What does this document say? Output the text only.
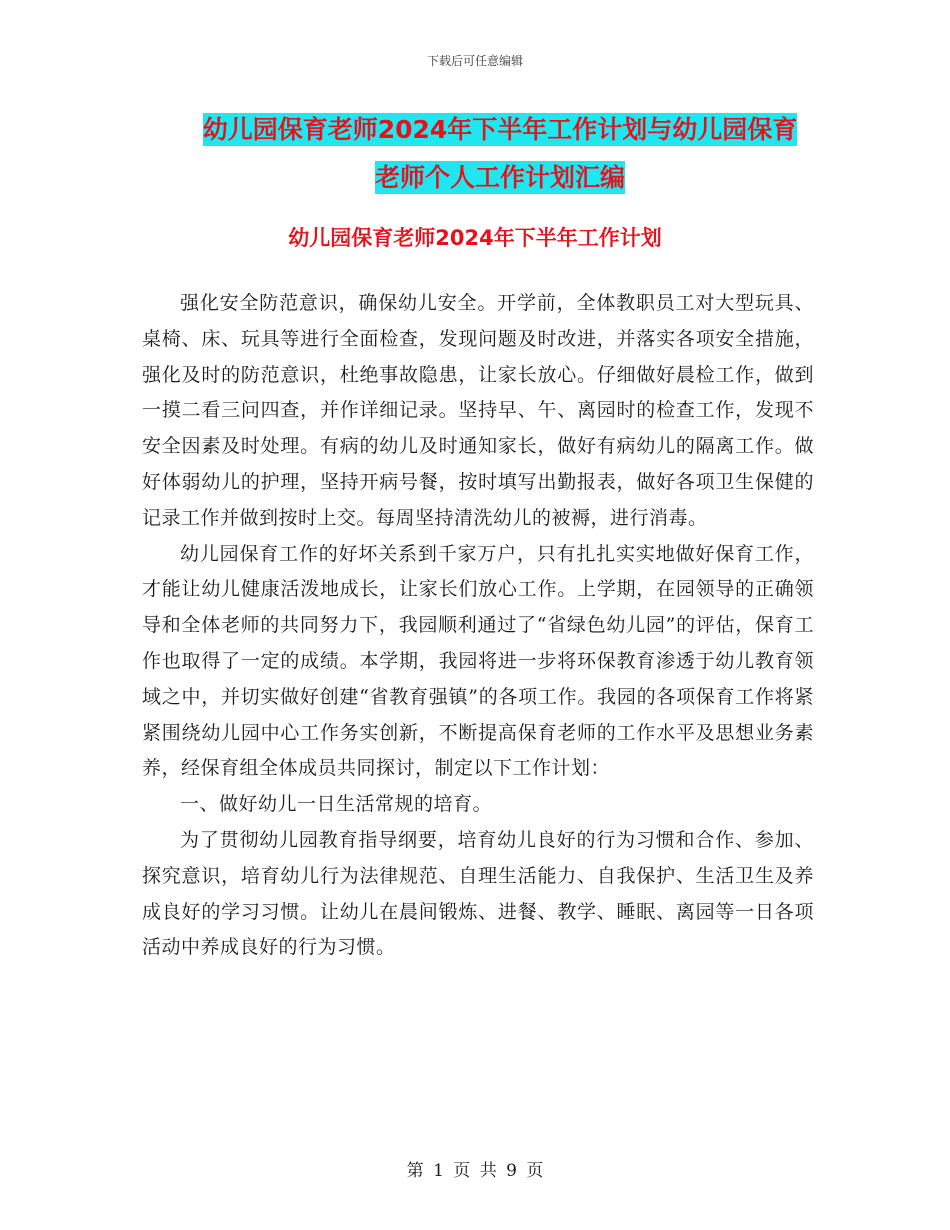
下载后可任意编辑
幼儿园保育老师2024年下半年工作计划与幼儿园保育
老师个人工作计划汇编
幼儿园保育老师2024年下半年工作计划

强化安全防范意识，确保幼儿安全。开学前，全体教职员工对大型玩具、桌椅、床、玩具等进行全面检查，发现问题及时改进，并落实各项安全措施，强化及时的防范意识，杜绝事故隐患，让家长放心。仔细做好晨检工作，做到一摸二看三问四查，并作详细记录。坚持早、午、离园时的检查工作，发现不安全因素及时处理。有病的幼儿及时通知家长，做好有病幼儿的隔离工作。做好体弱幼儿的护理，坚持开病号餐，按时填写出勤报表，做好各项卫生保健的记录工作并做到按时上交。每周坚持清洗幼儿的被褥，进行消毒。

幼儿园保育工作的好坏关系到千家万户，只有扎扎实实地做好保育工作，才能让幼儿健康活泼地成长，让家长们放心工作。上学期，在园领导的正确领导和全体老师的共同努力下，我园顺利通过了“省绿色幼儿园”的评估，保育工作也取得了一定的成绩。本学期，我园将进一步将环保教育渗透于幼儿教育领域之中，并切实做好创建“省教育强镇”的各项工作。我园的各项保育工作将紧紧围绕幼儿园中心工作务实创新，不断提高保育老师的工作水平及思想业务素养，经保育组全体成员共同探讨，制定以下工作计划：

一、做好幼儿一日生活常规的培育。

为了贯彻幼儿园教育指导纲要，培育幼儿良好的行为习惯和合作、参加、探究意识，培育幼儿行为法律规范、自理生活能力、自我保护、生活卫生及养成良好的学习习惯。让幼儿在晨间锻炼、进餐、教学、睡眠、离园等一日各项活动中养成良好的行为习惯。

第 1 页 共 9 页
